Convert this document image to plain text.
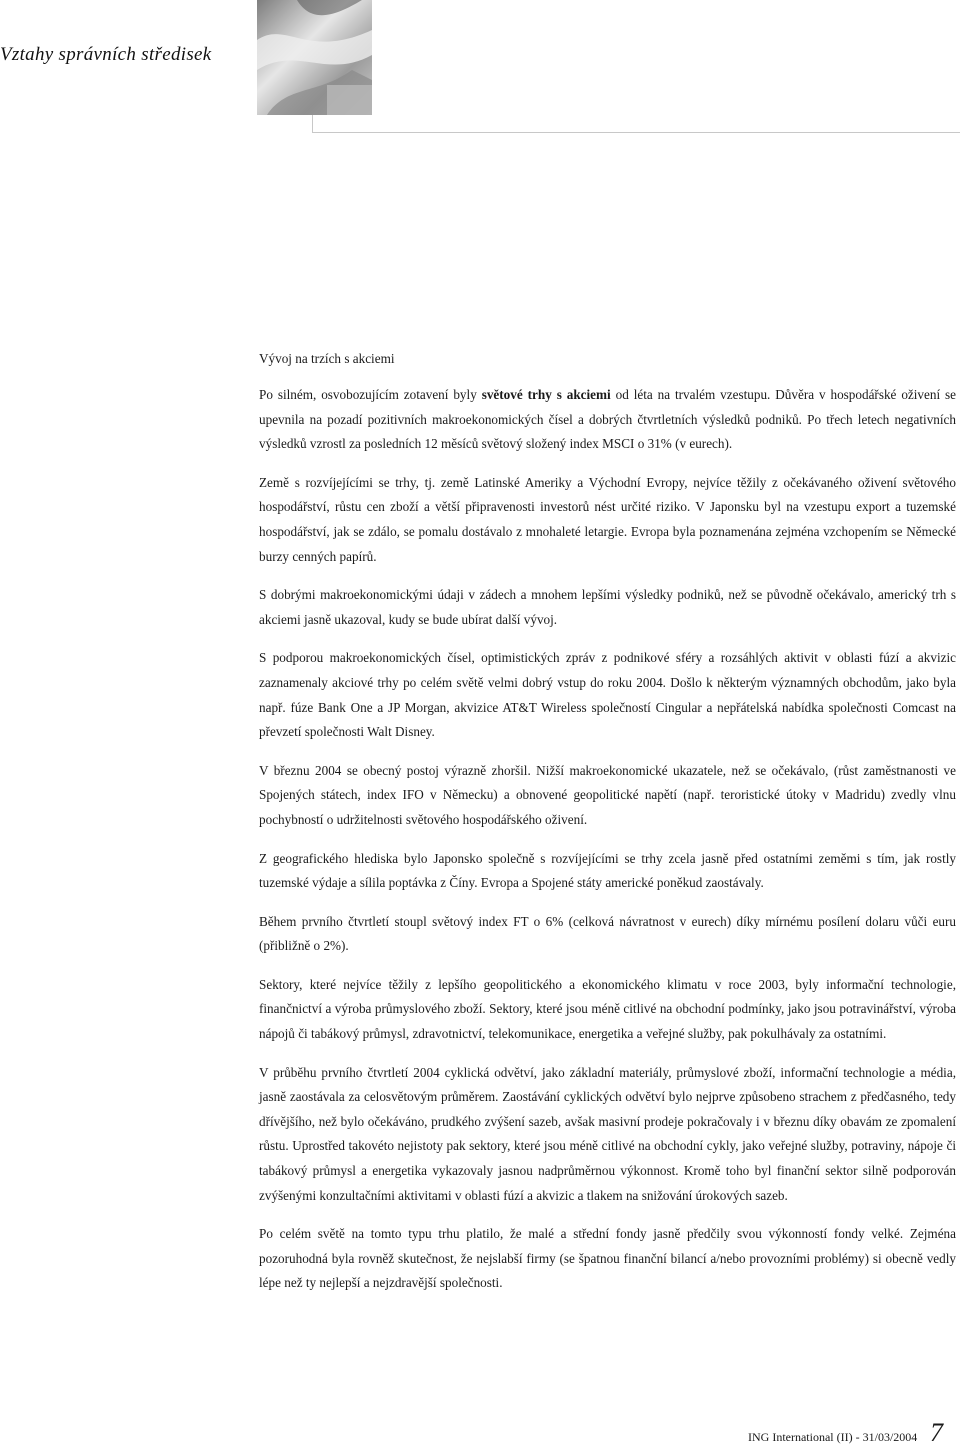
Vztahy správních středisek
Vývoj na trzích s akciemi

Po silném, osvobozujícím zotavení byly světové trhy s akciemi od léta na trvalém vzestupu. Důvěra v hospodářské oživení se upevnila na pozadí pozitivních makroekonomických čísel a dobrých čtvrtletních výsledků podniků. Po třech letech negativních výsledků vzrostl za posledních 12 měsíců světový složený index MSCI o 31% (v eurech).

Země s rozvíjejícími se trhy, tj. země Latinské Ameriky a Východní Evropy, nejvíce těžily z očekávaného oživení světového hospodářství, růstu cen zboží a větší připravenosti investorů nést určité riziko. V Japonsku byl na vzestupu export a tuzemské hospodářství, jak se zdálo, se pomalu dostávalo z mnohaleté letargie. Evropa byla poznamenána zejména vzchopením se Německé burzy cenných papírů.

S dobrými makroekonomickými údaji v zádech a mnohem lepšími výsledky podniků, než se původně očekávalo, americký trh s akciemi jasně ukazoval, kudy se bude ubírat další vývoj.

S podporou makroekonomických čísel, optimistických zpráv z podnikové sféry a rozsáhlých aktivit v oblasti fúzí a akvizic zaznamenaly akciové trhy po celém světě velmi dobrý vstup do roku 2004. Došlo k některým významných obchodům, jako byla např. fúze Bank One a JP Morgan, akvizice AT&T Wireless společností Cingular a nepřátelská nabídka společnosti Comcast na převzetí společnosti Walt Disney.

V březnu 2004 se obecný postoj výrazně zhoršil. Nižší makroekonomické ukazatele, než se očekávalo, (růst zaměstnanosti ve Spojených státech, index IFO v Německu) a obnovené geopolitické napětí (např. teroristické útoky v Madridu) zvedly vlnu pochybností o udržitelnosti světového hospodářského oživení.

Z geografického hlediska bylo Japonsko společně s rozvíjejícími se trhy zcela jasně před ostatními zeměmi s tím, jak rostly tuzemské výdaje a sílila poptávka z Číny. Evropa a Spojené státy americké poněkud zaostávaly.

Během prvního čtvrtletí stoupl světový index FT o 6% (celková návratnost v eurech) díky mírnému posílení dolaru vůči euru (přibližně o 2%).

Sektory, které nejvíce těžily z lepšího geopolitického a ekonomického klimatu v roce 2003, byly informační technologie, finančnictví a výroba průmyslového zboží. Sektory, které jsou méně citlivé na obchodní podmínky, jako jsou potravinářství, výroba nápojů či tabákový průmysl, zdravotnictví, telekomunikace, energetika a veřejné služby, pak pokulhávaly za ostatními.

V průběhu prvního čtvrtletí 2004 cyklická odvětví, jako základní materiály, průmyslové zboží, informační technologie a média, jasně zaostávala za celosvětovým průměrem. Zaostávání cyklických odvětví bylo nejprve způsobeno strachem z předčasného, tedy dřívějšího, než bylo očekáváno, prudkého zvýšení sazeb, avšak masivní prodeje pokračovaly i v březnu díky obavám ze zpomalení růstu. Uprostřed takovéto nejistoty pak sektory, které jsou méně citlivé na obchodní cykly, jako veřejné služby, potraviny, nápoje či tabákový průmysl a energetika vykazovaly jasnou nadprůměrnou výkonnost. Kromě toho byl finanční sektor silně podporován zvýšenými konzultačními aktivitami v oblasti fúzí a akvizic a tlakem na snižování úrokových sazeb.

Po celém světě na tomto typu trhu platilo, že malé a střední fondy jasně předčily svou výkonností fondy velké. Zejména pozoruhodná byla rovněž skutečnost, že nejslabší firmy (se špatnou finanční bilancí a/nebo provozními problémy) si obecně vedly lépe než ty nejlepší a nejzdravější společnosti.

ING International (II) - 31/03/2004 7
